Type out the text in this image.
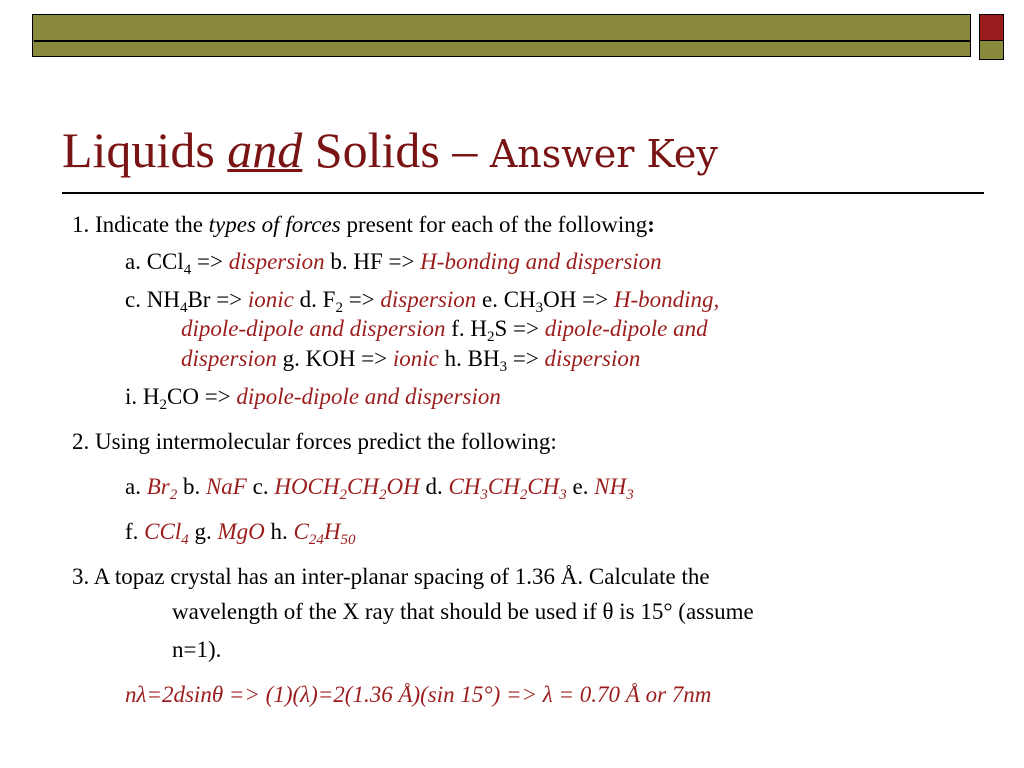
Liquids and Solids – Answer Key
1. Indicate the types of forces present for each of the following:
a. CCl$_4$ => dispersion b. HF => H-bonding and dispersion
c. $NH_4Br$ => ionic d. $F_2$ => dispersion e. $CH_3OH$ => H-bonding,
dipole-dipole and dispersion f. $H_2S$ => dipole-dipole and
dispersion g. KOH => ionic h. $BH_3$ => dispersion
i. $H_2CO$ => dipole-dipole and dispersion
2. Using intermolecular forces predict the following:
a. $Br_2$ b. NaF c. $HOCH_2CH_2OH$ d. $CH_3CH_2CH_3$ e. $NH_3$
f. CCl$_4$ g. MgO h. $C_{24}H_{50}$
3. A topaz crystal has an inter-planar spacing of 1.36 Å. Calculate the
wavelength of the X ray that should be used if θ is 15° (assume
n=1).
nλ=2dsinθ => (1)(λ)=2(1.36 Å)(sin 15°) => λ = 0.70 Å or 7nm
